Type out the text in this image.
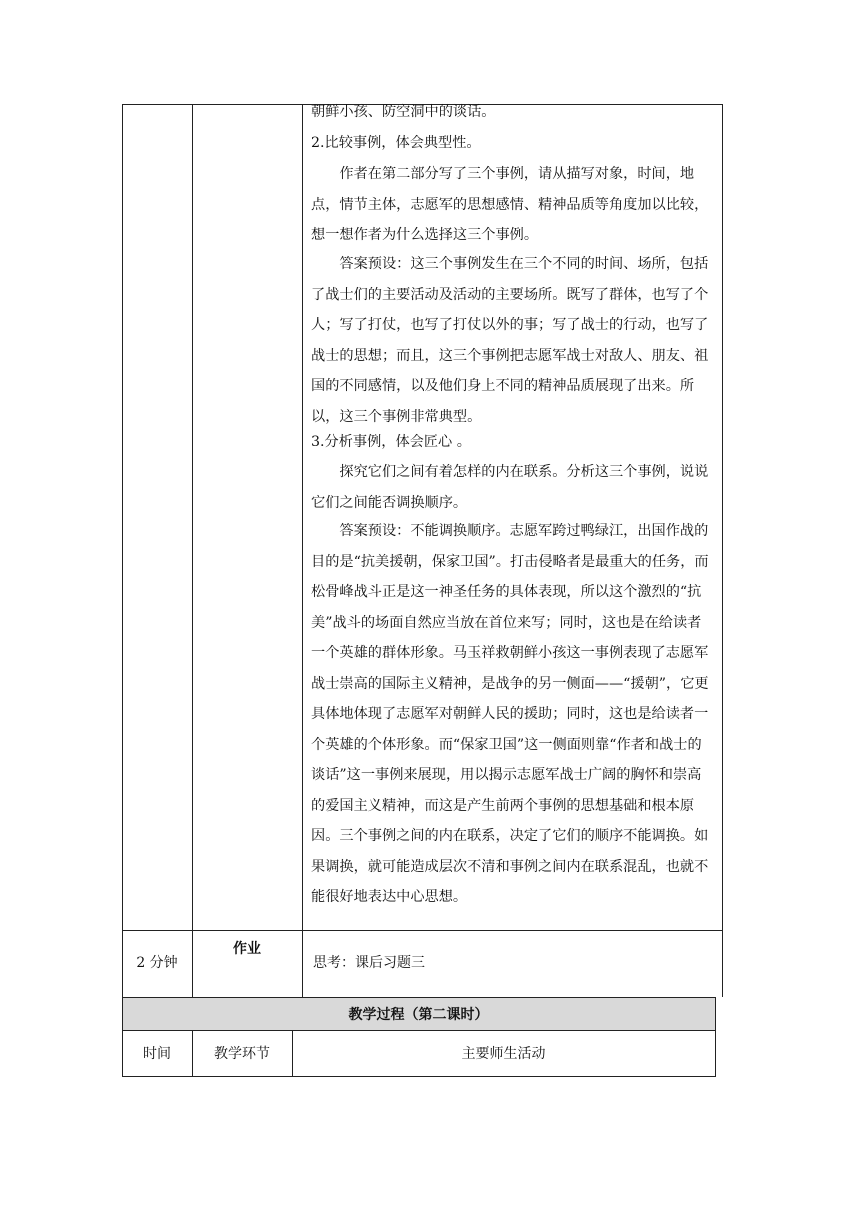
朝鲜小孩、防空洞中的谈话。

2.比较事例，体会典型性。

作者在第二部分写了三个事例，请从描写对象，时间，地点，情节主体，志愿军的思想感情、精神品质等角度加以比较，想一想作者为什么选择这三个事例。

答案预设：这三个事例发生在三个不同的时间、场所，包括了战士们的主要活动及活动的主要场所。既写了群体，也写了个人；写了打仗，也写了打仗以外的事；写了战士的行动，也写了战士的思想；而且，这三个事例把志愿军战士对敌人、朋友、祖国的不同感情，以及他们身上不同的精神品质展现了出来。所以，这三个事例非常典型。

3.分析事例，体会匠心 。

探究它们之间有着怎样的内在联系。分析这三个事例，说说它们之间能否调换顺序。

答案预设：不能调换顺序。志愿军跨过鸭绿江，出国作战的目的是“抗美援朝，保家卫国”。打击侵略者是最重大的任务，而松骨峰战斗正是这一神圣任务的具体表现，所以这个激烈的“抗美”战斗的场面自然应当放在首位来写；同时，这也是在给读者一个英雄的群体形象。马玉祥救朝鲜小孩这一事例表现了志愿军战士崇高的国际主义精神，是战争的另一侧面——“援朝”，它更具体地体现了志愿军对朝鲜人民的援助；同时，这也是给读者一个英雄的个体形象。而“保家卫国”这一侧面则靠“作者和战士的谈话”这一事例来展现，用以揭示志愿军战士广阔的胸怀和崇高的爱国主义精神，而这是产生前两个事例的思想基础和根本原因。三个事例之间的内在联系，决定了它们的顺序不能调换。如果调换，就可能造成层次不清和事例之间内在联系混乱，也就不能很好地表达中心思想。

2 分钟
作业
思考：课后习题三
教学过程（第二课时）
时间	教学环节	主要师生活动
